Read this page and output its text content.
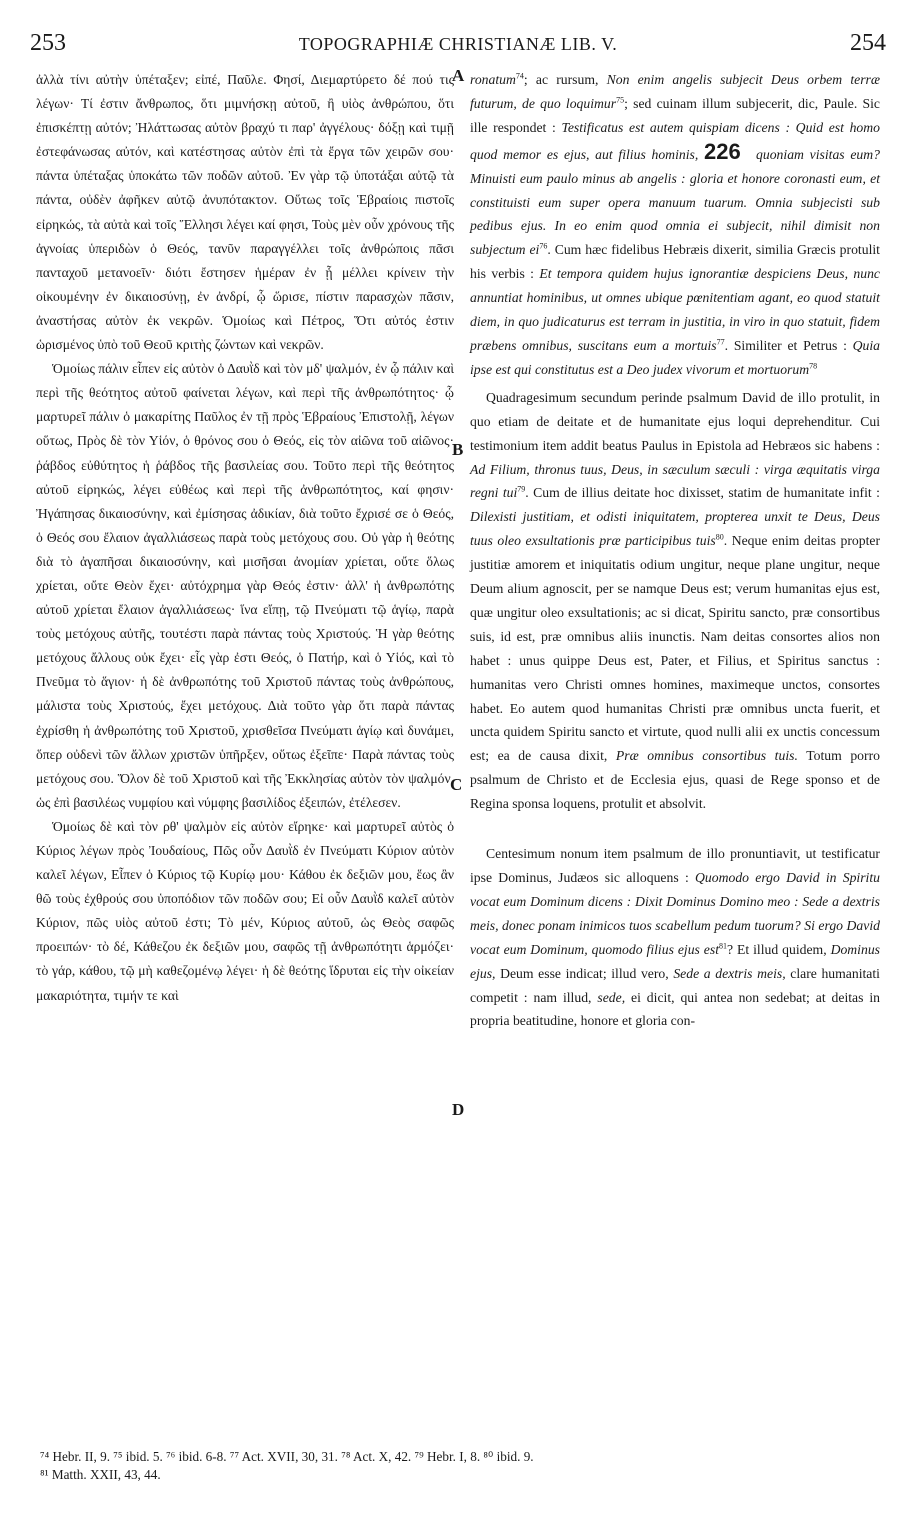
253	TOPOGRAPHIÆ CHRISTIANÆ LIB. V.	254

ἀλλὰ τίνι αὐτὴν ὑπέταξεν; εἰπέ, Παῦλε. Φησί, Διεμαρτύρετο δέ πού τις λέγων· Τί ἐστιν ἄνθρωπος, ὅτι μιμνήσκῃ αὐτοῦ, ἢ υἱὸς ἀνθρώπου, ὅτι ἐπισκέπτῃ αὐτόν; Ἠλάττωσας αὐτὸν βραχύ τι παρ' ἀγγέλους· δόξῃ καὶ τιμῇ ἐστεφάνωσας αὐτόν, καὶ κατέστησας αὐτὸν ἐπὶ τὰ ἔργα τῶν χειρῶν σου· πάντα ὑπέταξας ὑποκάτω τῶν ποδῶν αὐτοῦ. Ἐν γὰρ τῷ ὑποτάξαι αὐτῷ τὰ πάντα, οὐδὲν ἀφῆκεν αὐτῷ ἀνυπότακτον. Οὕτως τοῖς Ἑβραίοις πιστοῖς εἰρηκώς, τὰ αὐτὰ καὶ τοῖς Ἕλλησι λέγει καί φησι, Τοὺς μὲν οὖν χρόνους τῆς ἀγνοίας ὑπεριδὼν ὁ Θεός, τανῦν παραγγέλλει τοῖς ἀνθρώποις πᾶσι πανταχοῦ μετανοεῖν· διότι ἔστησεν ἡμέραν ἐν ᾗ μέλλει κρίνειν τὴν οἰκουμένην ἐν δικαιοσύνῃ, ἐν ἀνδρί, ᾧ ὥρισε, πίστιν παρασχὼν πᾶσιν, ἀναστήσας αὐτὸν ἐκ νεκρῶν. Ὁμοίως καὶ Πέτρος, Ὅτι αὐτός ἐστιν ὡρισμένος ὑπὸ τοῦ Θεοῦ κριτὴς ζώντων καὶ νεκρῶν.

Ὁμοίως πάλιν εἶπεν εἰς αὐτὸν ὁ Δαυῒδ καὶ τὸν μδ' ψαλμόν, ἐν ᾧ πάλιν καὶ περὶ τῆς θεότητος αὐτοῦ φαίνεται λέγων, καὶ περὶ τῆς ἀνθρωπότητος· ᾧ μαρτυρεῖ πάλιν ὁ μακαρίτης Παῦλος ἐν τῇ πρὸς Ἑβραίους Ἐπιστολῇ, λέγων οὕτως, Πρὸς δὲ τὸν Υἱόν, ὁ θρόνος σου ὁ Θεός, εἰς τὸν αἰῶνα τοῦ αἰῶνος· ῥάβδος εὐθύτητος ἡ ῥάβδος τῆς βασιλείας σου. Τοῦτο περὶ τῆς θεότητος αὐτοῦ εἰρηκώς, λέγει εὐθέως καὶ περὶ τῆς ἀνθρωπότητος, καί φησιν· Ἠγάπησας δικαιοσύνην, καὶ ἐμίσησας ἀδικίαν, διὰ τοῦτο ἔχρισέ σε ὁ Θεός, ὁ Θεός σου ἔλαιον ἀγαλλιάσεως παρὰ τοὺς μετόχους σου. Οὐ γὰρ ἡ θεότης διὰ τὸ ἀγαπῆσαι δικαιοσύνην, καὶ μισῆσαι ἀνομίαν χρίεται, οὔτε ὅλως χρίεται, οὔτε Θεὸν ἔχει· αὐτόχρημα γὰρ Θεός ἐστιν· ἀλλ' ἡ ἀνθρωπότης αὐτοῦ χρίεται ἔλαιον ἀγαλλιάσεως· ἵνα εἴπῃ, τῷ Πνεύματι τῷ ἁγίῳ, παρὰ τοὺς μετόχους αὐτῆς, τουτέστι παρὰ πάντας τοὺς Χριστούς. Ἡ γὰρ θεότης μετόχους ἄλλους οὐκ ἔχει· εἷς γὰρ ἐστι Θεός, ὁ Πατήρ, καὶ ὁ Υἱός, καὶ τὸ Πνεῦμα τὸ ἅγιον· ἡ δὲ ἀνθρωπότης τοῦ Χριστοῦ πάντας τοὺς ἀνθρώπους, μάλιστα τοὺς Χριστούς, ἔχει μετόχους. Διὰ τοῦτο γὰρ ὅτι παρὰ πάντας ἐχρίσθη ἡ ἀνθρωπότης τοῦ Χριστοῦ, χρισθεῖσα Πνεύματι ἁγίῳ καὶ δυνάμει, ὅπερ οὐδενὶ τῶν ἄλλων χριστῶν ὑπῆρξεν, οὕτως ἐξεῖπε· Παρὰ πάντας τοὺς μετόχους σου. Ὅλον δὲ τοῦ Χριστοῦ καὶ τῆς Ἐκκλησίας αὐτὸν τὸν ψαλμόν, ὡς ἐπὶ βασιλέως νυμφίου καὶ νύμφης βασιλίδος ἐξειπών, ἐτέλεσεν.

Ὁμοίως δὲ καὶ τὸν ρθ' ψαλμὸν εἰς αὐτὸν εἴρηκε· καὶ μαρτυρεῖ αὐτὸς ὁ Κύριος λέγων πρὸς Ἰουδαίους, Πῶς οὖν Δαυῒδ ἐν Πνεύματι Κύριον αὐτὸν καλεῖ λέγων, Εἶπεν ὁ Κύριος τῷ Κυρίῳ μου· Κάθου ἐκ δεξιῶν μου, ἕως ἂν θῶ τοὺς ἐχθρούς σου ὑποπόδιον τῶν ποδῶν σου; Εἰ οὖν Δαυῒδ καλεῖ αὐτὸν Κύριον, πῶς υἱὸς αὐτοῦ ἐστι; Τὸ μέν, Κύριος αὐτοῦ, ὡς Θεὸς σαφῶς προειπών· τὸ δέ, Κάθεζου ἐκ δεξιῶν μου, σαφῶς τῇ ἀνθρωπότητι ἁρμόζει· τὸ γάρ, κάθου, τῷ μὴ καθεζομένῳ λέγει· ἡ δὲ θεότης ἵδρυται εἰς τὴν οἰκείαν μακαριότητα, τιμήν τε καὶ

A
B
C
D

ronatum$^{74}$; ac rursum, Non enim angelis subjecit Deus orbem terræ futurum, de quo loquimur$^{75}$; sed cuinam illum subjecerit, dic, Paule. Sic ille respondet : Testificatus est autem quispiam dicens : Quid est homo quod memor es ejus, aut filius hominis, 226 quoniam visitas eum? Minuisti eum paulo minus ab angelis : gloria et honore coronasti eum, et constituisti eum super opera manuum tuarum. Omnia subjecisti sub pedibus ejus. In eo enim quod omnia ei subjecit, nihil dimisit non subjectum $ei^{76}$. Cum hæc fidelibus Hebræis dixerit, similia Græcis protulit his verbis : Et tempora quidem hujus ignorantiæ despiciens Deus, nunc annuntiat hominibus, ut omnes ubique pœnitentiam agant, eo quod statuit diem, in quo judicaturus est terram in justitia, in viro in quo statuit, fidem præbens omnibus, suscitans eum a mortuis$^{77}$. Similiter et Petrus : Quia ipse est qui constitutus est a Deo judex vivorum et mortuorum$^{78}$

Quadragesimum secundum perinde psalmum David de illo protulit, in quo etiam de deitate et de humanitate ejus loqui deprehenditur. Cui testimonium item addit beatus Paulus in Epistola ad Hebræos sic habens : Ad Filium, thronus tuus, Deus, in sæculum sæculi : virga æquitatis virga regni tui$^{79}$. Cum de illius deitate hoc dixisset, statim de humanitate infit : Dilexisti justitiam, et odisti iniquitatem, propterea unxit te Deus, Deus tuus oleo exsultationis præ participibus tuis$^{80}$. Neque enim deitas propter justitiæ amorem et iniquitatis odium ungitur, neque plane ungitur, neque Deum alium agnoscit, per se namque Deus est; verum humanitas ejus est, quæ ungitur oleo exsultationis; ac si dicat, Spiritu sancto, præ consortibus suis, id est, præ omnibus aliis inunctis. Nam deitas consortes alios non habet : unus quippe Deus est, Pater, et Filius, et Spiritus sanctus : humanitas vero Christi omnes homines, maximeque unctos, consortes habet. Eo autem quod humanitas Christi præ omnibus uncta fuerit, et uncta quidem Spiritu sancto et virtute, quod nulli alii ex unctis concessum est; ea de causa dixit, Præ omnibus consortibus tuis. Totum porro psalmum de Christo et de Ecclesia ejus, quasi de Rege sponso et de Regina sponsa loquens, protulit et absolvit.

Centesimum nonum item psalmum de illo pronuntiavit, ut testificatur ipse Dominus, Judæos sic alloquens : Quomodo ergo David in Spiritu vocat eum Dominum dicens : Dixit Dominus Domino meo : Sede a dextris meis, donec ponam inimicos tuos scabellum pedum tuorum? Si ergo David vocat eum Dominum, quomodo filius ejus est$^{81}$? Et illud quidem, Dominus ejus, Deum esse indicat; illud vero, Sede a dextris meis, clare humanitati competit : nam illud, sede, ei dicit, qui antea non sedebat; at deitas in propria beatitudine, honore et gloria con-

⁷⁴ Hebr. II, 9. ⁷⁵ ibid. 5. ⁷⁶ ibid. 6-8. ⁷⁷ Act. XVII, 30, 31. ⁷⁸ Act. X, 42. ⁷⁹ Hebr. I, 8. ⁸⁰ ibid. 9.

⁸¹ Matth. XXII, 43, 44.
